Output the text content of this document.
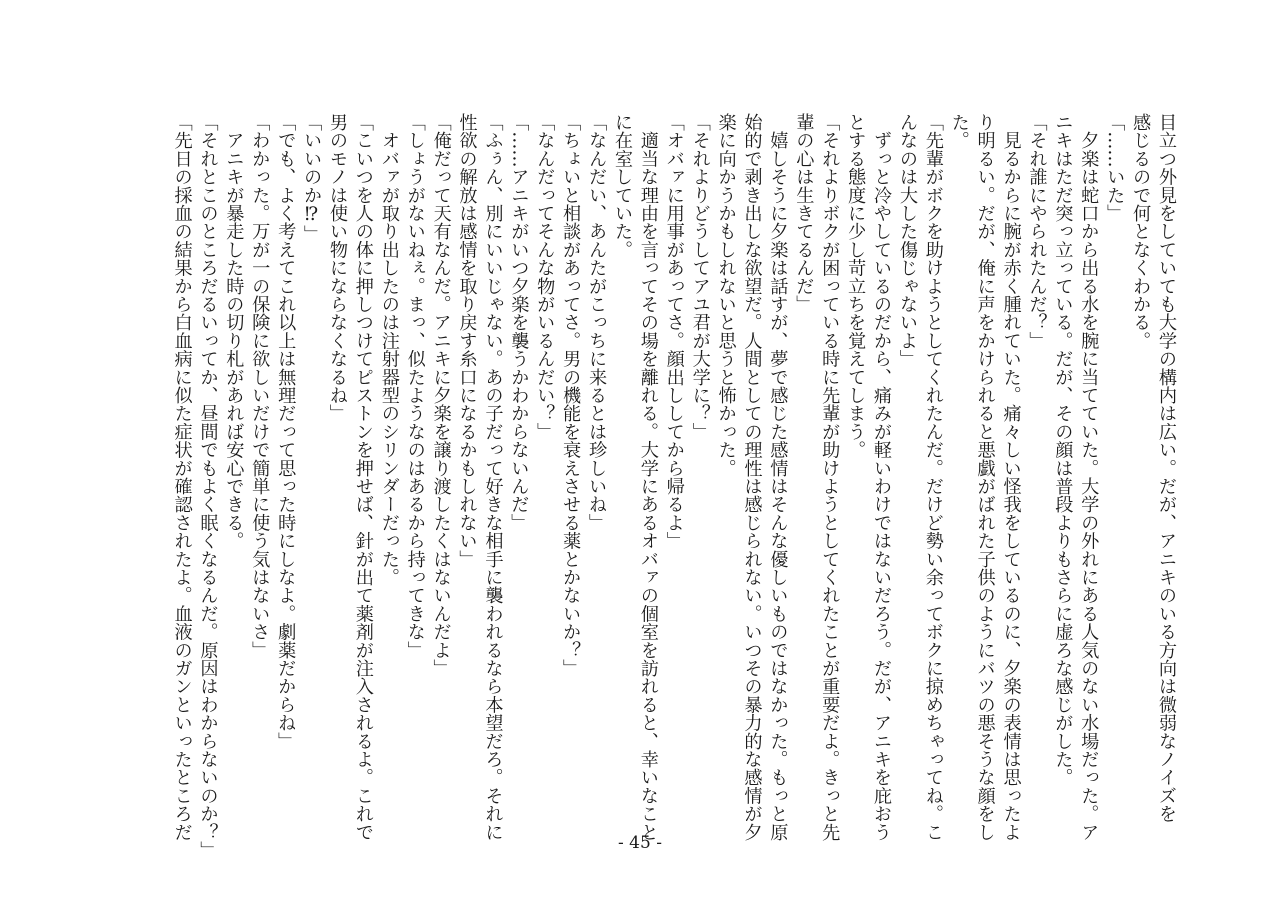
目立つ外見をしていても大学の構内は広い。だが、アニキのいる方向は微弱なノイズを

感じるので何となくわかる。

「……いた」

　夕楽は蛇口から出る水を腕に当てていた。大学の外れにある人気のない水場だった。ア

ニキはただ突っ立っている。だが、その顔は普段よりもさらに虚ろな感じがした。

「それ誰にやられたんだ？」

　見るからに腕が赤く腫れていた。痛々しい怪我をしているのに、夕楽の表情は思ったよ

り明るい。だが、俺に声をかけられると悪戯がばれた子供のようにバツの悪そうな顔をし

た。

「先輩がボクを助けようとしてくれたんだ。だけど勢い余ってボクに掠めちゃってね。こ

んなのは大した傷じゃないよ」

　ずっと冷やしているのだから、痛みが軽いわけではないだろう。だが、アニキを庇おう

とする態度に少し苛立ちを覚えてしまう。

「それよりボクが困っている時に先輩が助けようとしてくれたことが重要だよ。きっと先

輩の心は生きてるんだ」

　嬉しそうに夕楽は話すが、夢で感じた感情はそんな優しいものではなかった。もっと原

始的で剥き出しな欲望だ。人間としての理性は感じられない。いつその暴力的な感情が夕

楽に向かうかもしれないと思うと怖かった。

「それよりどうしてアユ君が大学に？」

「オバァに用事があってさ。顔出ししてから帰るよ」

　適当な理由を言ってその場を離れる。大学にあるオバァの個室を訪れると、幸いなこと

に在室していた。

「なんだい、あんたがこっちに来るとは珍しいね」

「ちょいと相談があってさ。男の機能を衰えさせる薬とかないか？」

「なんだってそんな物がいるんだい？」

「……アニキがいつ夕楽を襲うかわからないんだ」

「ふぅん、別にいいじゃない。あの子だって好きな相手に襲われるなら本望だろ。それに

性欲の解放は感情を取り戻す糸口になるかもしれない」

「俺だって天有なんだ。アニキに夕楽を譲り渡したくはないんだよ」

「しょうがないねぇ。まっ、似たようなのはあるから持ってきな」

　オバァが取り出したのは注射器型のシリンダーだった。

「こいつを人の体に押しつけてピストンを押せば、針が出て薬剤が注入されるよ。これで

男のモノは使い物にならなくなるね」

「いいのか⁉」

「でも、よく考えてこれ以上は無理だって思った時にしなよ。劇薬だからね」

「わかった。万が一の保険に欲しいだけで簡単に使う気はないさ」

　アニキが暴走した時の切り札があれば安心できる。

「それとこのところだるいってか、昼間でもよく眠くなるんだ。原因はわからないのか？」

「先日の採血の結果から白血病に似た症状が確認されたよ。血液のガンといったところだ

- 45 -
